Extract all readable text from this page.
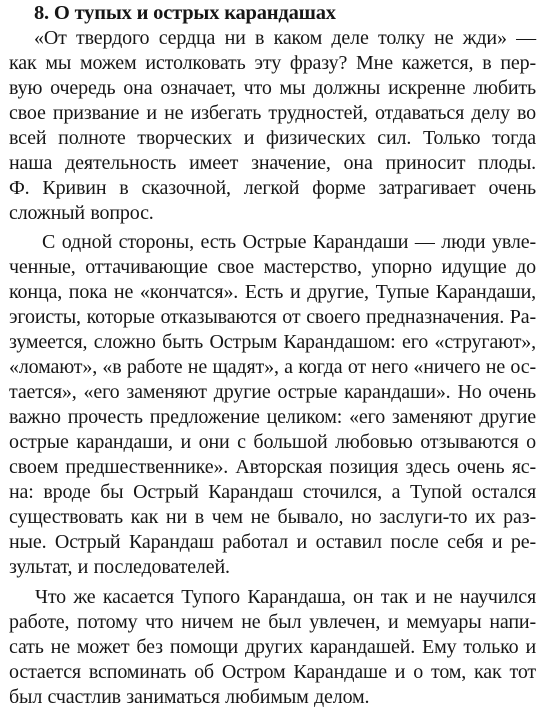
8. О тупых и острых карандашах
«От твердого сердца ни в каком деле толку не жди» —
как мы можем истолковать эту фразу? Мне кажется, в пер-
вую очередь она означает, что мы должны искренне любить
свое призвание и не избегать трудностей, отдаваться делу во
всей полноте творческих и физических сил. Только тогда
наша деятельность имеет значение, она приносит плоды.
Ф. Кривин в сказочной, легкой форме затрагивает очень
сложный вопрос.
С одной стороны, есть Острые Карандаши — люди увле-
ченные, оттачивающие свое мастерство, упорно идущие до
конца, пока не «кончатся». Есть и другие, Тупые Карандаши,
эгоисты, которые отказываются от своего предназначения. Ра-
зумеется, сложно быть Острым Карандашом: его «стругают»,
«ломают», «в работе не щадят», а когда от него «ничего не ос-
тается», «его заменяют другие острые карандаши». Но очень
важно прочесть предложение целиком: «его заменяют другие
острые карандаши, и они с большой любовью отзываются о
своем предшественнике». Авторская позиция здесь очень яс-
на: вроде бы Острый Карандаш сточился, а Тупой остался
существовать как ни в чем не бывало, но заслуги-то их раз-
ные. Острый Карандаш работал и оставил после себя и ре-
зультат, и последователей.
Что же касается Тупого Карандаша, он так и не научился
работе, потому что ничем не был увлечен, и мемуары напи-
сать не может без помощи других карандашей. Ему только и
остается вспоминать об Остром Карандаше и о том, как тот
был счастлив заниматься любимым делом.
